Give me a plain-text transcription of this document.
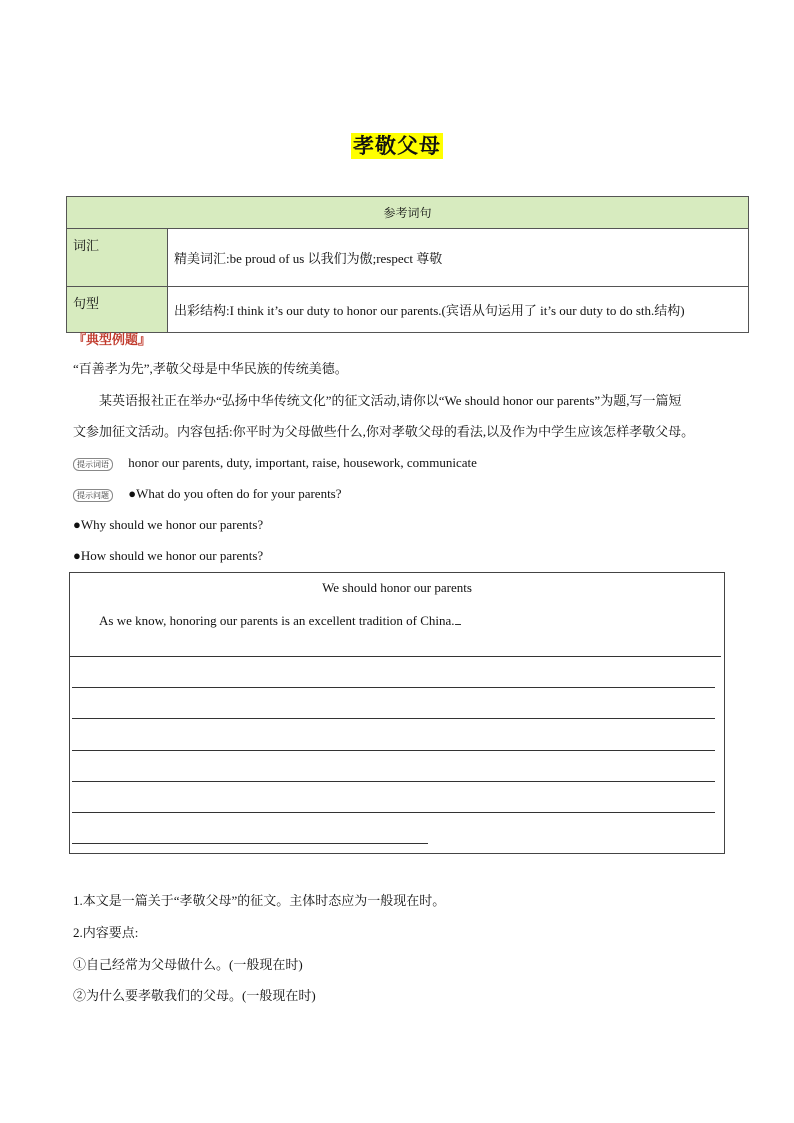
孝敬父母
参考词句	
词汇	精美词汇:be proud of us 以我们为傲;respect 尊敬
句型	出彩结构:I think it’s our duty to honor our parents.(宾语从句运用了 it’s our duty to do sth.结构)
『典型例题』
“百善孝为先”,孝敬父母是中华民族的传统美德。
某英语报社正在举办“弘扬中华传统文化”的征文活动,请你以“We should honor our parents”为题,写一篇短
文参加征文活动。内容包括:你平时为父母做些什么,你对孝敬父母的看法,以及作为中学生应该怎样孝敬父母。
提示词语 honor our parents, duty, important, raise, housework, communicate
提示问题 ●What do you often do for your parents?
●Why should we honor our parents?
●How should we honor our parents?
We should honor our parents
As we know, honoring our parents is an excellent tradition of China.
1.本文是一篇关于“孝敬父母”的征文。主体时态应为一般现在时。
2.内容要点:
①自己经常为父母做什么。(一般现在时)
②为什么要孝敬我们的父母。(一般现在时)
